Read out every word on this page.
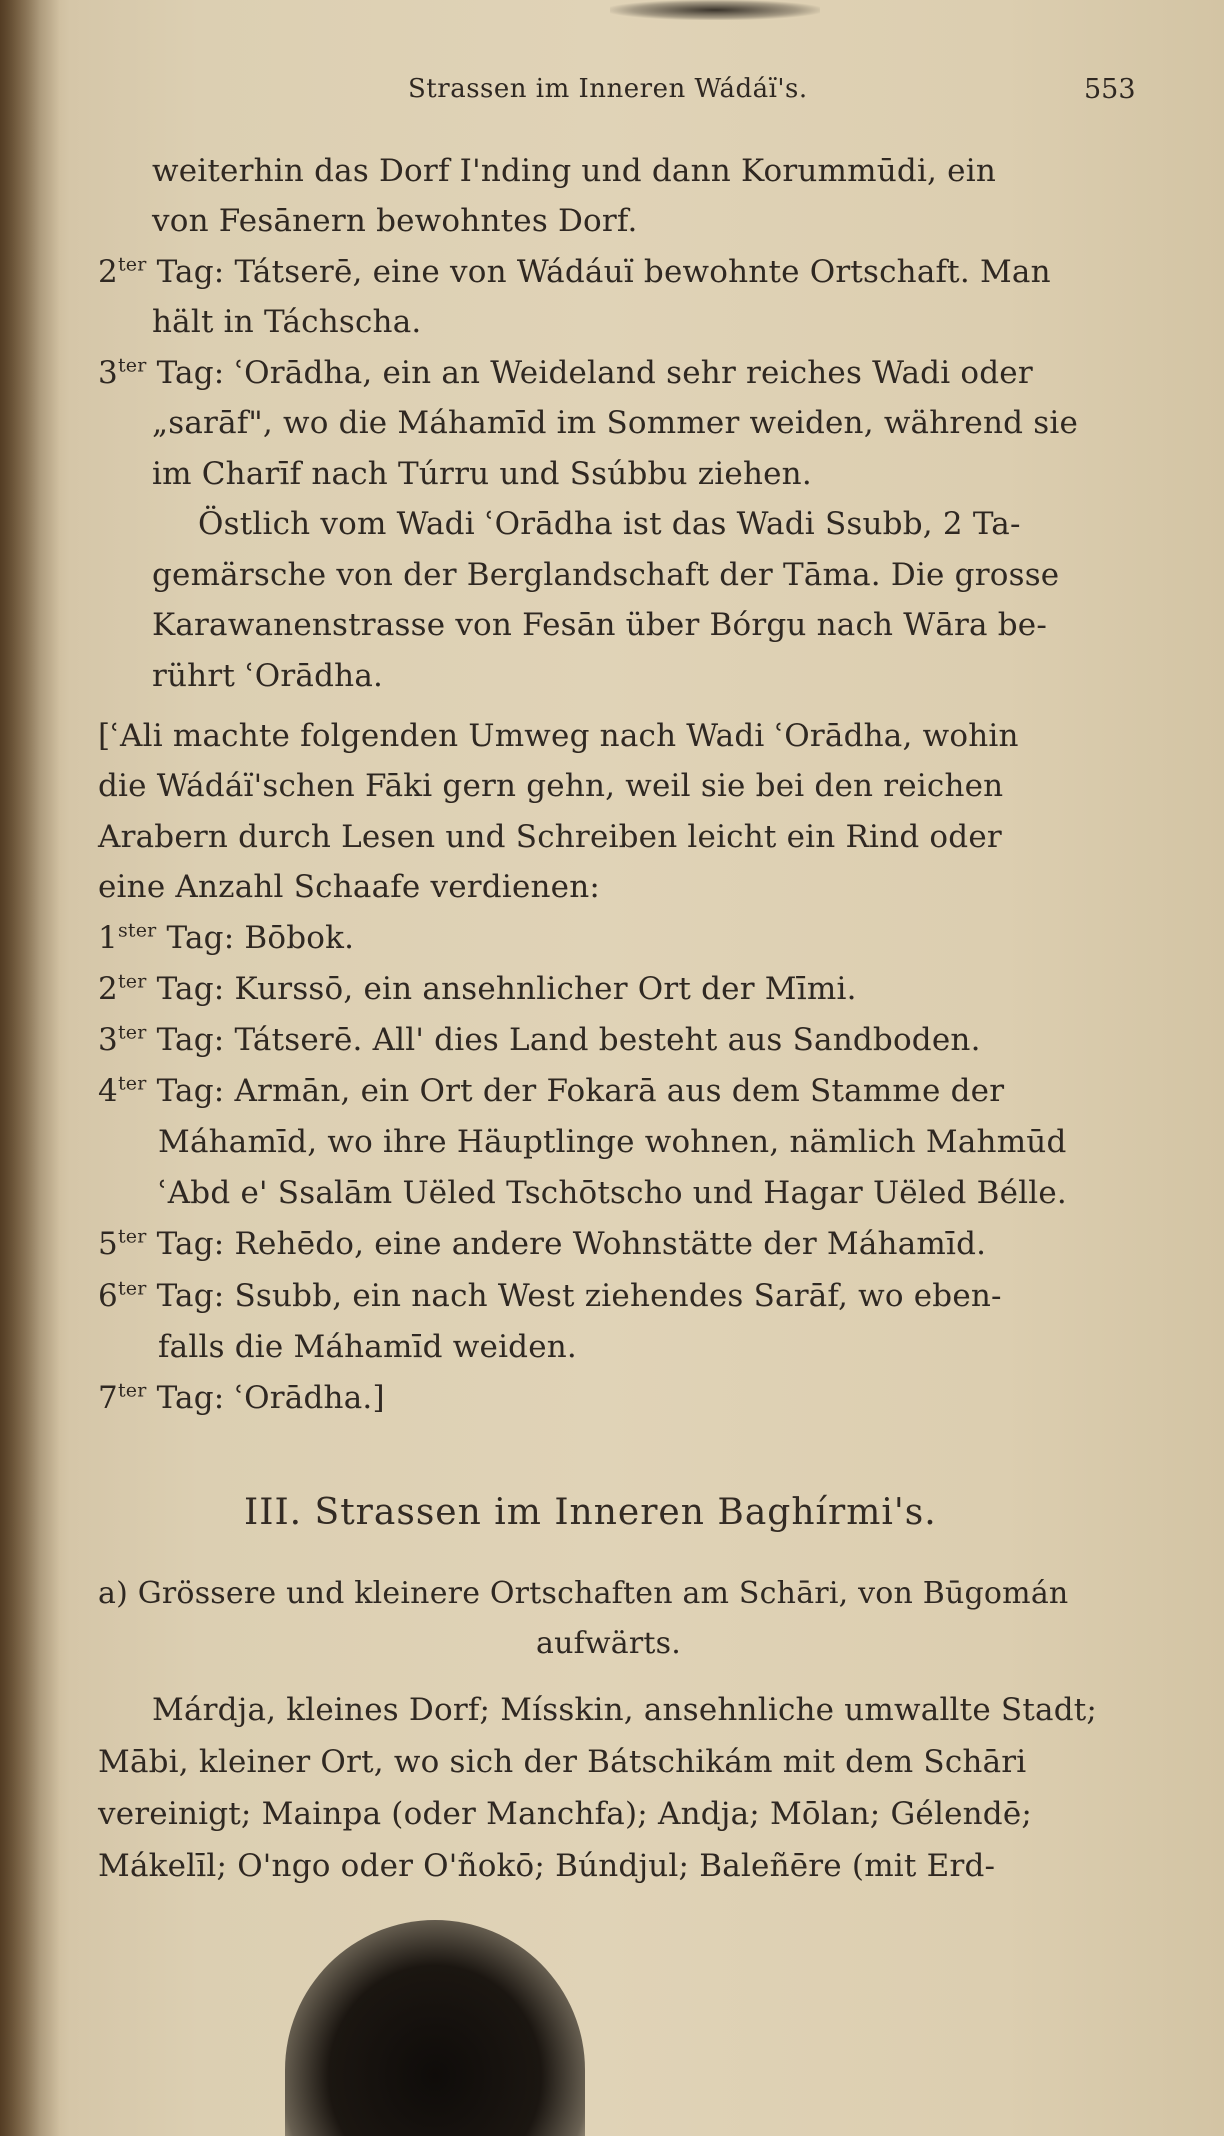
Strassen im Inneren Wádáï's.	553
weiterhin das Dorf I'nding und dann Korummūdi, ein
von Fesānern bewohntes Dorf.
$2^{ter}$ Tag: Tátserē, eine von Wádáuï bewohnte Ortschaft. Man
hält in Táchscha.
$3^{ter}$ Tag: ʿOrādha, ein an Weideland sehr reiches Wadi oder
„sarāf", wo die Máhamīd im Sommer weiden, während sie
im Charīf nach Túrru und Ssúbbu ziehen.
Östlich vom Wadi ʿOrādha ist das Wadi Ssubb, 2 Ta-
gemärsche von der Berglandschaft der Tāma. Die grosse
Karawanenstrasse von Fesān über Bórgu nach Wāra be-
rührt ʿOrādha.
[ʿAli machte folgenden Umweg nach Wadi ʿOrādha, wohin
die Wádáï'schen Fāki gern gehn, weil sie bei den reichen
Arabern durch Lesen und Schreiben leicht ein Rind oder
eine Anzahl Schaafe verdienen:
$1^{ster}$ Tag: Bōbok.
$2^{ter}$ Tag: Kurssō, ein ansehnlicher Ort der Mīmi.
$3^{ter}$ Tag: Tátserē. All' dies Land besteht aus Sandboden.
$4^{ter}$ Tag: Armān, ein Ort der Fokarā aus dem Stamme der
Máhamīd, wo ihre Häuptlinge wohnen, nämlich Mahmūd
ʿAbd e' Ssalām Uëled Tschōtscho und Hagar Uëled Bélle.
$5^{ter}$ Tag: Rehēdo, eine andere Wohnstätte der Máhamīd.
$6^{ter}$ Tag: Ssubb, ein nach West ziehendes Sarāf, wo eben-
falls die Máhamīd weiden.
$7^{ter}$ Tag: ʿOrādha.]
III. Strassen im Inneren Baghírmi's.
a) Grössere und kleinere Ortschaften am Schāri, von Būgomán
aufwärts.
Márdja, kleines Dorf; Mísskin, ansehnliche umwallte Stadt;
Mābi, kleiner Ort, wo sich der Bátschikám mit dem Schāri
vereinigt; Mainpa (oder Manchfa); Andja; Mōlan; Gélendē;
Mákelīl; O'ngo oder O'ñokō; Búndjul; Baleñēre (mit Erd-
